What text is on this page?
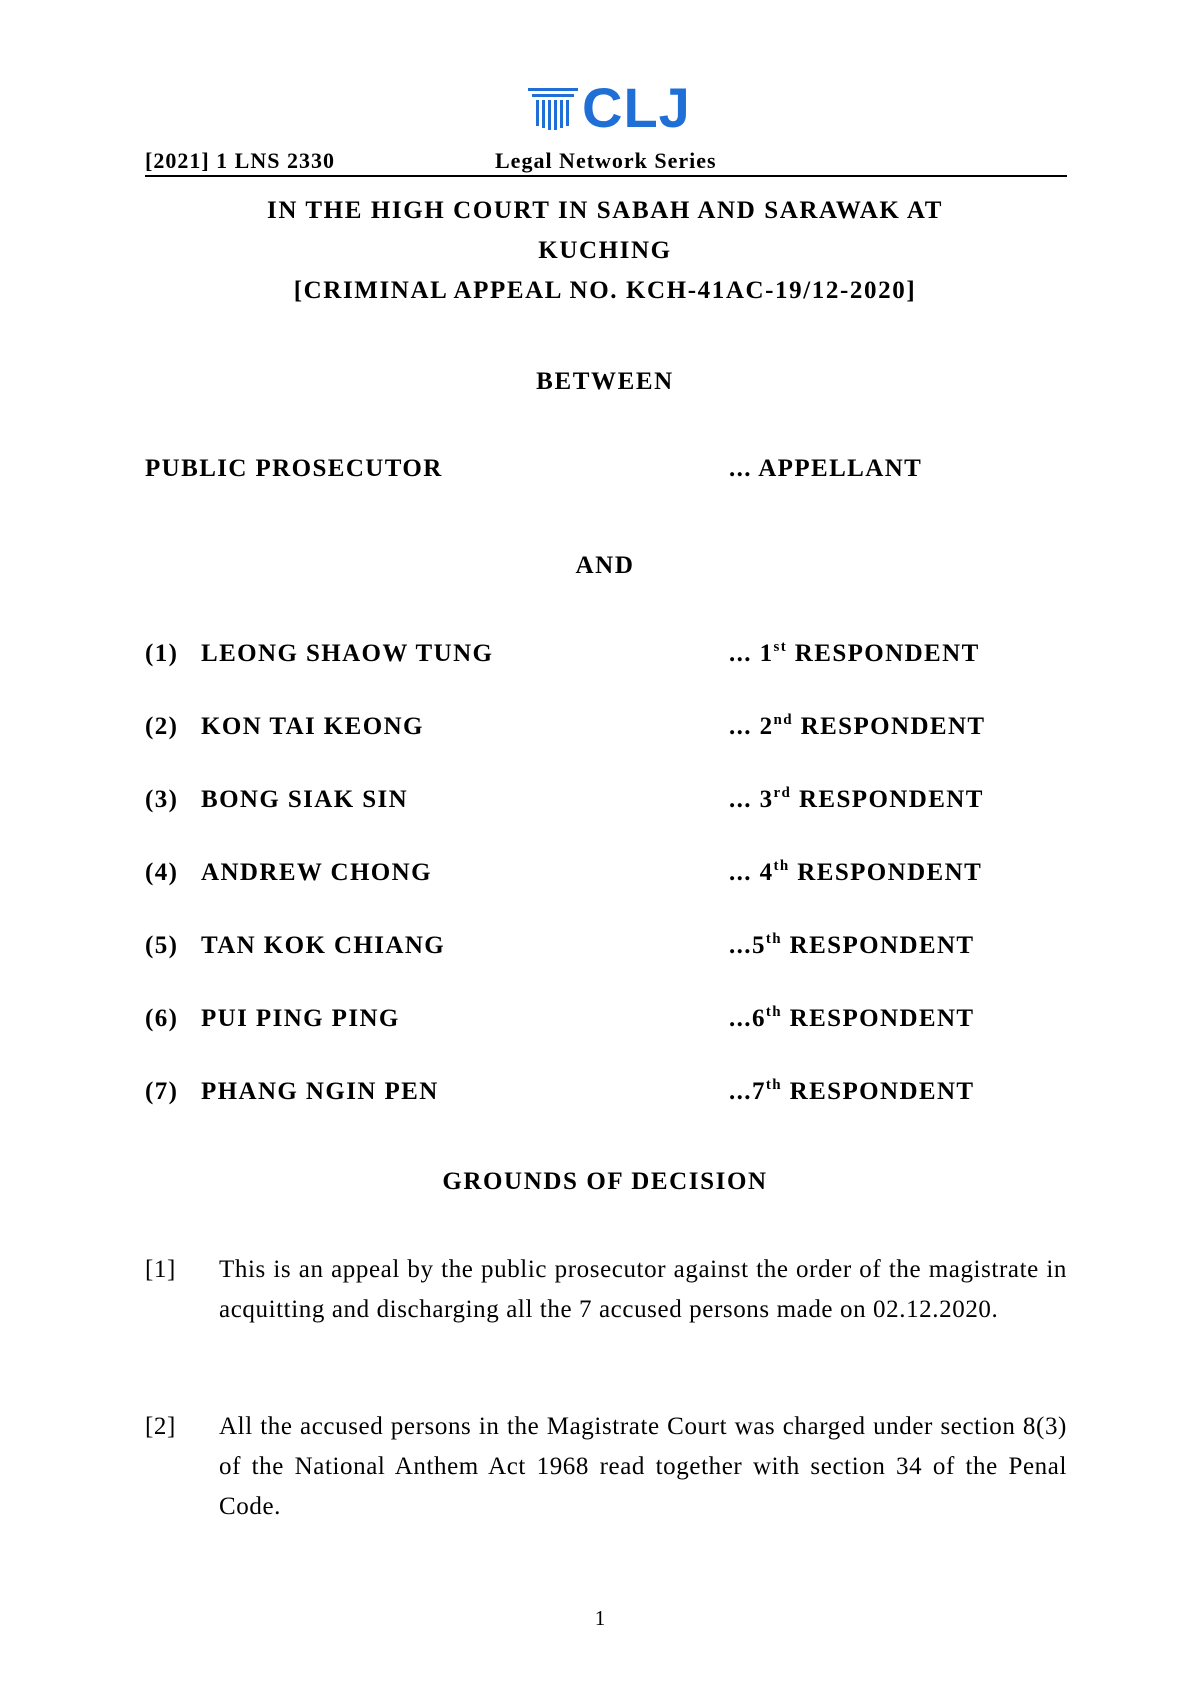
CLJ
[2021] 1 LNS 2330	Legal Network Series
IN THE HIGH COURT IN SABAH AND SARAWAK AT
KUCHING
[CRIMINAL APPEAL NO. KCH-41AC-19/12-2020]
BETWEEN
PUBLIC PROSECUTOR	... APPELLANT
AND
(1) LEONG SHAOW TUNG	... 1st RESPONDENT
(2) KON TAI KEONG	... 2nd RESPONDENT
(3) BONG SIAK SIN	... 3rd RESPONDENT
(4) ANDREW CHONG	... 4th RESPONDENT
(5) TAN KOK CHIANG	...5th RESPONDENT
(6) PUI PING PING	...6th RESPONDENT
(7) PHANG NGIN PEN	...7th RESPONDENT
GROUNDS OF DECISION
[1] This is an appeal by the public prosecutor against the order of the magistrate in acquitting and discharging all the 7 accused persons made on 02.12.2020.
[2] All the accused persons in the Magistrate Court was charged under section 8(3) of the National Anthem Act 1968 read together with section 34 of the Penal Code.
1
